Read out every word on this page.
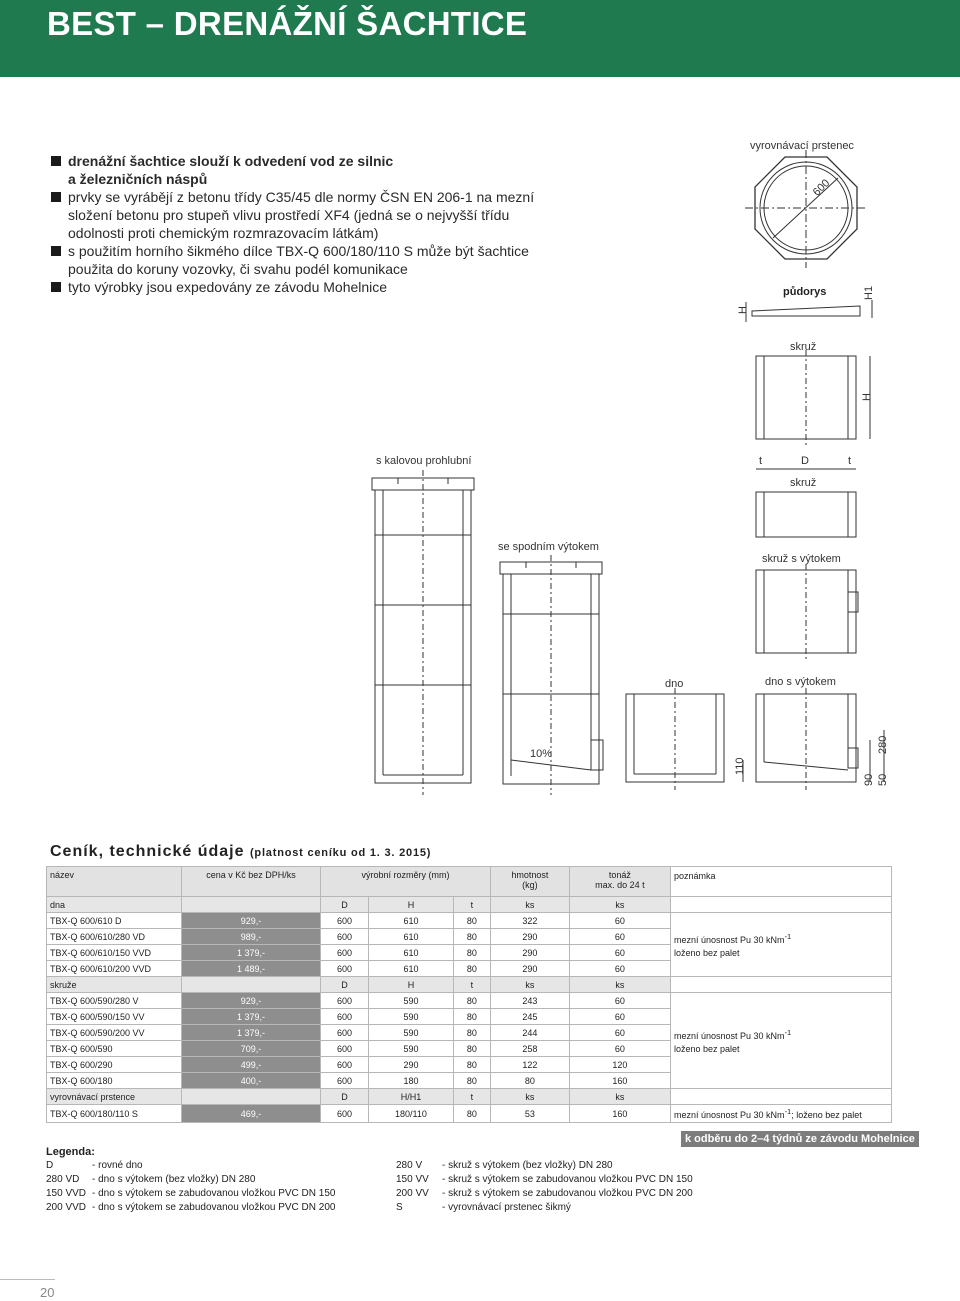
BEST – DRENÁŽNÍ ŠACHTICE
drenážní šachtice slouží k odvedení vod ze silnic
a železničních náspů
prvky se vyrábějí z betonu třídy C35/45 dle normy ČSN EN 206-1 na mezní
složení betonu pro stupeň vlivu prostředí XF4 (jedná se o nejvyšší třídu
odolnosti proti chemickým rozmrazovacím látkám)
s použitím horního šikmého dílce TBX-Q 600/180/110 S může být šachtice
použita do koruny vozovky, či svahu podél komunikace
tyto výrobky jsou expedovány ze závodu Mohelnice
vyrovnávací prstenec
600
půdorys
H
H1
skruž
H
t	D	t
skruž
s kalovou prohlubní
se spodním výtokem
10%
skruž s výtokem
dno	dno s výtokem
110
90
280
50
Ceník, technické údaje (platnost ceníku od 1. 3. 2015)
název	cena v Kč bez DPH/ks	výrobní rozměry (mm)			hmotnost
(kg)	tonáž
max. do 24 t	poznámka
dna		D	H	t	ks	ks	
TBX-Q 600/610 D	929,-	600	610	80	322	60	mezní únosnost Pu 30 kNm$^{-1}$
loženo bez palet
TBX-Q 600/610/280 VD	989,-	600	610	80	290	60	
TBX-Q 600/610/150 VVD	1 379,-	600	610	80	290	60	
TBX-Q 600/610/200 VVD	1 489,-	600	610	80	290	60	
skruže		D	H	t	ks	ks	
TBX-Q 600/590/280 V	929,-	600	590	80	243	60	mezní únosnost Pu 30 kNm$^{-1}$
loženo bez palet
TBX-Q 600/590/150 VV	1 379,-	600	590	80	245	60	
TBX-Q 600/590/200 VV	1 379,-	600	590	80	244	60	
TBX-Q 600/590	709,-	600	590	80	258	60	
TBX-Q 600/290	499,-	600	290	80	122	120	
TBX-Q 600/180	400,-	600	180	80	80	160	
vyrovnávací prstence		D	H/H1	t	ks	ks	
TBX-Q 600/180/110 S	469,-	600	180/110	80	53	160	mezní únosnost Pu 30 kNm$^{-1}$; loženo bez palet
k odběru do 2–4 týdnů ze závodu Mohelnice
Legenda:
D	- rovné dno
280 VD	- dno s výtokem (bez vložky) DN 280
150 VVD - dno s výtokem se zabudovanou vložkou PVC DN 150
200 VVD - dno s výtokem se zabudovanou vložkou PVC DN 200
280 V	- skruž s výtokem (bez vložky) DN 280
150 VV	- skruž s výtokem se zabudovanou vložkou PVC DN 150
200 VV	- skruž s výtokem se zabudovanou vložkou PVC DN 200
S	- vyrovnávací prstenec šikmý
20
